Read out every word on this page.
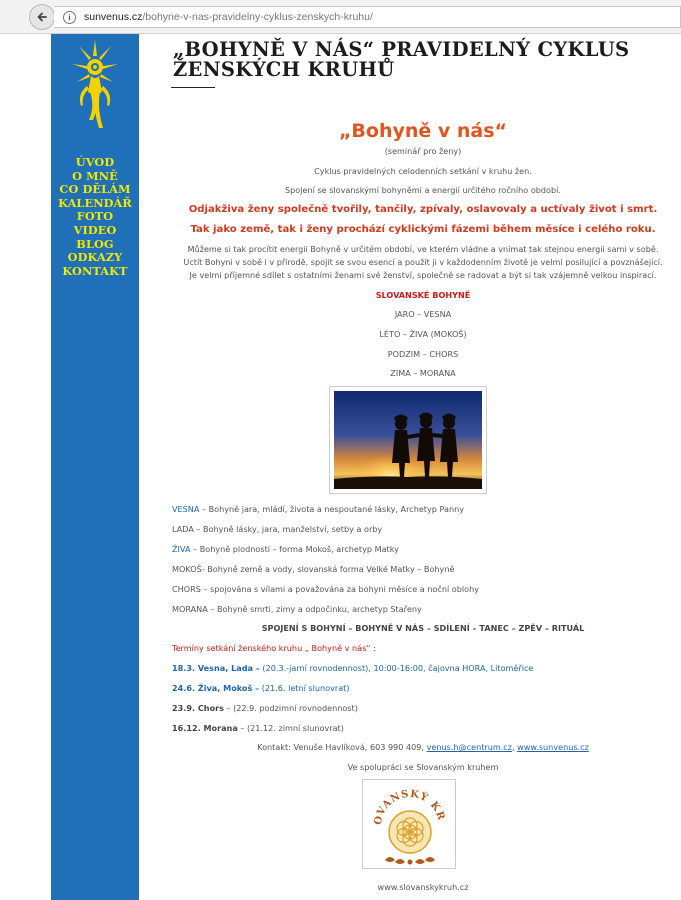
i	sunvenus.cz /bohyne-v-nas-pravidelny-cyklus-zenskych-kruhu/
ÚVOD
O MNĚ
CO DĚLÁM
KALENDÁŘ
FOTO
VIDEO
BLOG
ODKAZY
KONTAKT
„BOHYNĚ V NÁS“ PRAVIDELNÝ CYKLUS
ŽENSKÝCH KRUHŮ
„Bohyně v nás“
(seminář pro ženy)
Cyklus pravidelných celodenních setkání v kruhu žen.
Spojení se slovanskými bohyněmi a energií určitého ročního období.
Odjakživa ženy společně tvořily, tančily, zpívaly, oslavovaly a uctívaly život i smrt.
Tak jako země, tak i ženy prochází cyklickými fázemi během měsíce i celého roku.
Můžeme si tak procítit energii Bohyně v určitém období, ve kterém vládne a vnímat tak stejnou energii sami v sobě.
Uctít Bohyni v sobě i v přírodě, spojit se svou esencí a použít ji v každodenním životě je velmi posilující a povznášející.
Je velmi příjemné sdílet s ostatními ženami své ženství, společně se radovat a být si tak vzájemně velkou inspirací.
SLOVANSKÉ BOHYNĚ
JARO – VESNA
LÉTO – ŽIVA (MOKOŠ)
PODZIM – CHORS
ZIMA – MORANA
VESNA – Bohyně jara, mládí, života a nespoutané lásky, Archetyp Panny
LADA – Bohyně lásky, jara, manželství, setby a orby
ŽIVA – Bohyně plodnosti – forma Mokoš, archetyp Matky
MOKOŠ- Bohyně země a vody, slovanská forma Velké Matky – Bohyně
CHORS – spojována s vílami a považována za bohyni měsíce a noční oblohy
MORANA – Bohyně smrti, zimy a odpočinku, archetyp Stařeny
SPOJENÍ S BOHYNÍ – BOHYNĚ V NÁS – SDÍLENÍ – TANEC – ZPĚV – RITUÁL
Termíny setkání ženského kruhu „ Bohyně v nás“ :
18.3. Vesna, Lada – (20.3.-jarní rovnodennost), 10:00-16:00, čajovna HORA, Litoměřice
24.6. Živa, Mokoš – (21.6. letní slunovrat)
23.9. Chors – (22.9. podzimní rovnodennost)
16.12. Morana – (21.12. zimní slunovrat)
Kontakt: Venuše Havlíková, 603 990 409, venus.h@centrum.cz, www.sunvenus.cz
Ve spolupráci se Slovanským kruhem
OVANSKÝ KR
www.slovanskykruh.cz
